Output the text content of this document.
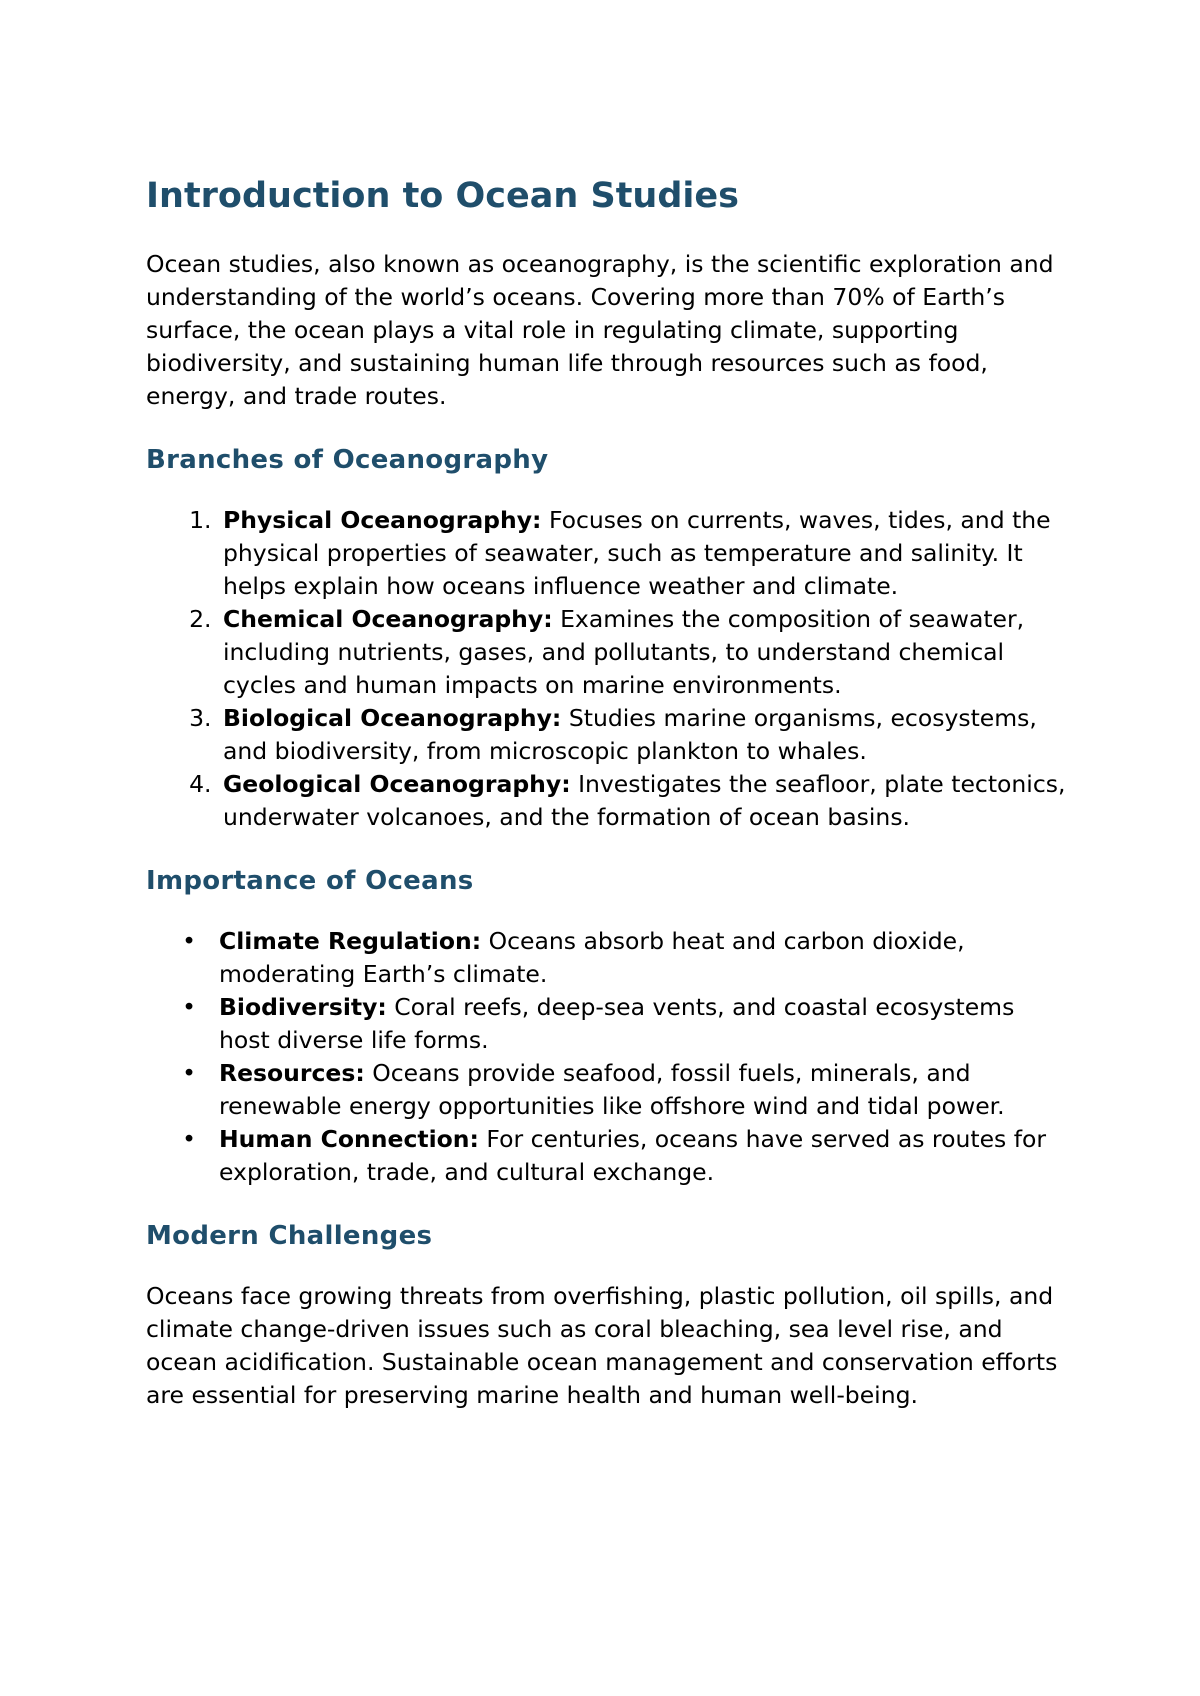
Introduction to Ocean Studies

Ocean studies, also known as oceanography, is the scientific exploration and understanding of the world’s oceans. Covering more than 70% of Earth’s surface, the ocean plays a vital role in regulating climate, supporting biodiversity, and sustaining human life through resources such as food, energy, and trade routes.

Branches of Oceanography
1. Physical Oceanography: Focuses on currents, waves, tides, and the physical properties of seawater, such as temperature and salinity. It helps explain how oceans influence weather and climate.
2. Chemical Oceanography: Examines the composition of seawater, including nutrients, gases, and pollutants, to understand chemical cycles and human impacts on marine environments.
3. Biological Oceanography: Studies marine organisms, ecosystems, and biodiversity, from microscopic plankton to whales.
4. Geological Oceanography: Investigates the seafloor, plate tectonics, underwater volcanoes, and the formation of ocean basins.
Importance of Oceans
• Climate Regulation: Oceans absorb heat and carbon dioxide, moderating Earth’s climate.
• Biodiversity: Coral reefs, deep-sea vents, and coastal ecosystems host diverse life forms.
• Resources: Oceans provide seafood, fossil fuels, minerals, and renewable energy opportunities like offshore wind and tidal power.
• Human Connection: For centuries, oceans have served as routes for exploration, trade, and cultural exchange.
Modern Challenges

Oceans face growing threats from overfishing, plastic pollution, oil spills, and climate change-driven issues such as coral bleaching, sea level rise, and ocean acidification. Sustainable ocean management and conservation efforts are essential for preserving marine health and human well-being.
